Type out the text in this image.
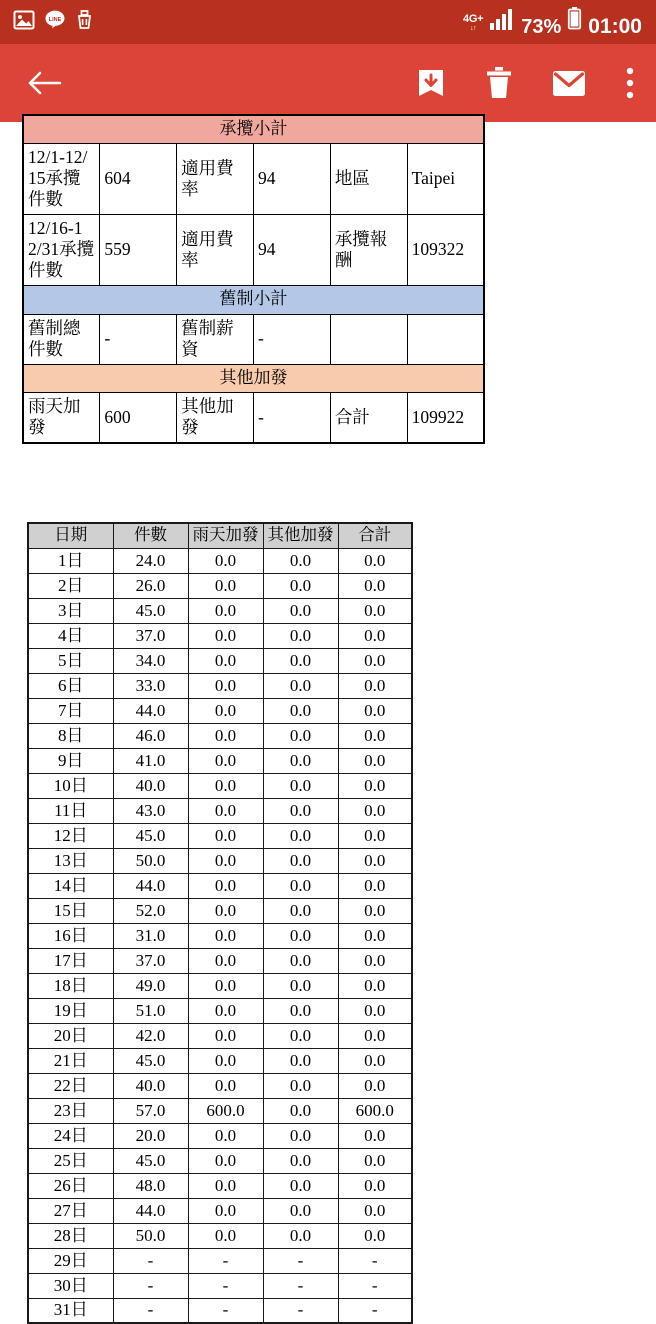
LINE	4G+
↓↑	73% 01:00
承攬小計					
12/1-12/15承攬件數	604	適用費率	94	地區	Taipei
12/16-12/31承攬件數	559	適用費率	94	承攬報酬	109322
舊制小計					
舊制總件數	-	舊制薪資	-		
其他加發					
雨天加發	600	其他加發	-	合計	109922
日期	件數	雨天加發	其他加發	合計
1日	24.0	0.0	0.0	0.0
2日	26.0	0.0	0.0	0.0
3日	45.0	0.0	0.0	0.0
4日	37.0	0.0	0.0	0.0
5日	34.0	0.0	0.0	0.0
6日	33.0	0.0	0.0	0.0
7日	44.0	0.0	0.0	0.0
8日	46.0	0.0	0.0	0.0
9日	41.0	0.0	0.0	0.0
10日	40.0	0.0	0.0	0.0
11日	43.0	0.0	0.0	0.0
12日	45.0	0.0	0.0	0.0
13日	50.0	0.0	0.0	0.0
14日	44.0	0.0	0.0	0.0
15日	52.0	0.0	0.0	0.0
16日	31.0	0.0	0.0	0.0
17日	37.0	0.0	0.0	0.0
18日	49.0	0.0	0.0	0.0
19日	51.0	0.0	0.0	0.0
20日	42.0	0.0	0.0	0.0
21日	45.0	0.0	0.0	0.0
22日	40.0	0.0	0.0	0.0
23日	57.0	600.0	0.0	600.0
24日	20.0	0.0	0.0	0.0
25日	45.0	0.0	0.0	0.0
26日	48.0	0.0	0.0	0.0
27日	44.0	0.0	0.0	0.0
28日	50.0	0.0	0.0	0.0
29日	-	-	-	-
30日	-	-	-	-
31日	-	-	-	-
